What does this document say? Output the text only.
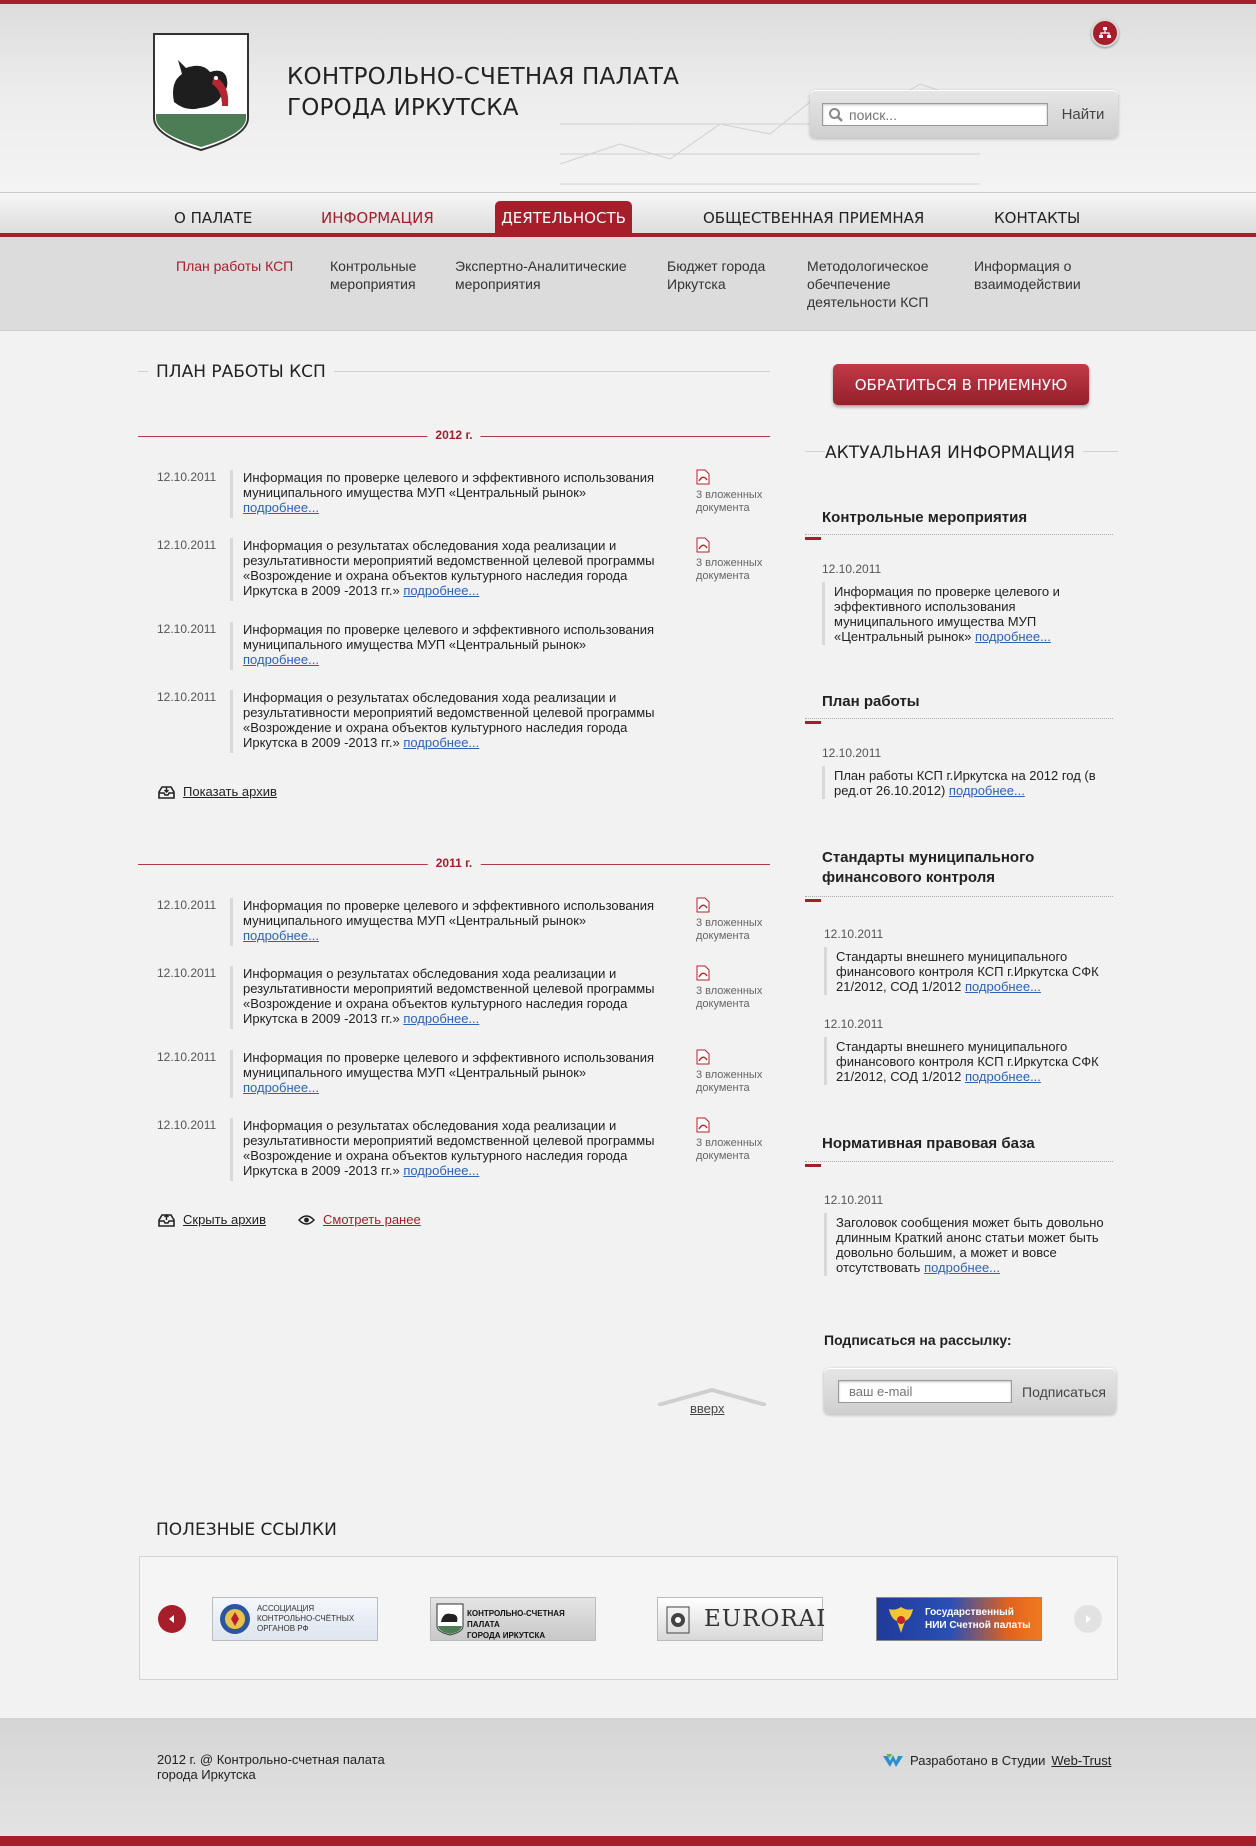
КОНТРОЛЬНО-СЧЕТНАЯ ПАЛАТА
ГОРОДА ИРКУТСКА
поиск...	Найти
О ПАЛАТЕ	ИНФОРМАЦИЯ	ОБЩЕСТВЕННАЯ ПРИЕМНАЯ	КОНТАКТЫ
ДЕЯТЕЛЬНОСТЬ
План работы КСП	Контрольные мероприятия
Экспертно-Аналитические мероприятия
Бюджет города Иркутска
Методологическое обечпечение деятельности КСП
Информация о взаимодействии
ПЛАН РАБОТЫ КСП
2012 г.
12.10.2011 Информация по проверке целевого и эффективного использования муниципального имущества МУП «Центральный рынок» подробнее...
3 вложенных документа
12.10.2011 Информация о результатах обследования хода реализации и результативности мероприятий ведомственной целевой программы «Возрождение и охрана объектов культурного наследия города Иркутска в 2009 -2013 гг.» подробнее...
3 вложенных документа
12.10.2011 Информация по проверке целевого и эффективного использования муниципального имущества МУП «Центральный рынок» подробнее...
12.10.2011 Информация о результатах обследования хода реализации и результативности мероприятий ведомственной целевой программы «Возрождение и охрана объектов культурного наследия города Иркутска в 2009 -2013 гг.» подробнее...
Показать архив
2011 г.
12.10.2011 Информация по проверке целевого и эффективного использования муниципального имущества МУП «Центральный рынок» подробнее...
3 вложенных документа
12.10.2011 Информация о результатах обследования хода реализации и результативности мероприятий ведомственной целевой программы «Возрождение и охрана объектов культурного наследия города Иркутска в 2009 -2013 гг.» подробнее...
3 вложенных документа
12.10.2011 Информация по проверке целевого и эффективного использования муниципального имущества МУП «Центральный рынок» подробнее...
3 вложенных документа
12.10.2011 Информация о результатах обследования хода реализации и результативности мероприятий ведомственной целевой программы «Возрождение и охрана объектов культурного наследия города Иркутска в 2009 -2013 гг.» подробнее...
3 вложенных документа
Скрыть архив	Смотреть ранее
вверх
ОБРАТИТЬСЯ В ПРИЕМНУЮ
АКТУАЛЬНАЯ ИНФОРМАЦИЯ
Контрольные мероприятия
12.10.2011
Информация по проверке целевого и эффективного использования муниципального имущества МУП «Центральный рынок» подробнее...
План работы
12.10.2011
План работы КСП г.Иркутска на 2012 год (в ред.от 26.10.2012) подробнее...
Стандарты муниципального финансового контроля
12.10.2011
Стандарты внешнего муниципального финансового контроля КСП г.Иркутска СФК 21/2012, СОД 1/2012 подробнее...
12.10.2011
Стандарты внешнего муниципального финансового контроля КСП г.Иркутска СФК 21/2012, СОД 1/2012 подробнее...
Нормативная правовая база
12.10.2011
Заголовок сообщения может быть довольно длинным Краткий анонс статьи может быть довольно большим, а может и вовсе отсутствовать подробнее...
Подписаться на рассылку:
ваш e-mail
Подписаться
ПОЛЕЗНЫЕ ССЫЛКИ
АССОЦИАЦИЯ
КОНТРОЛЬНО-СЧЁТНЫХ
ОРГАНОВ РФ
КОНТРОЛЬНО-СЧЕТНАЯ ПАЛАТА
ГОРОДА ИРКУТСКА
EURORAI	Государственный
НИИ Счетной палаты
2012 г. @ Контрольно-счетная палата
города Иркутска
Разработано в Студии Web-Trust
